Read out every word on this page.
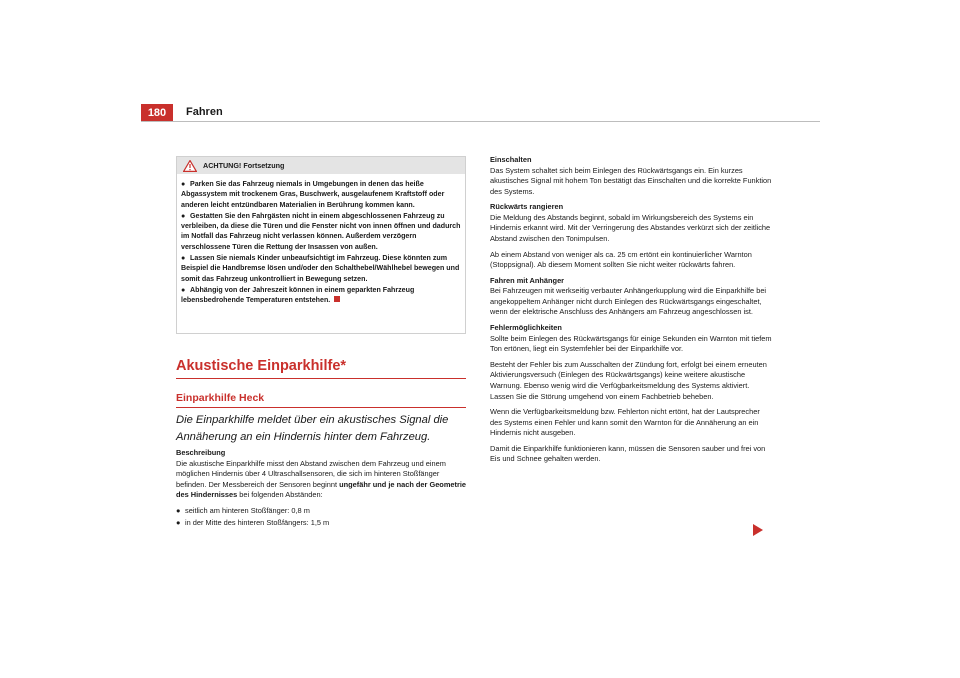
180	Fahren
ACHTUNG! Fortsetzung
● Parken Sie das Fahrzeug niemals in Umgebungen in denen das heiße Abgassystem mit trockenem Gras, Buschwerk, ausgelaufenem Kraftstoff oder anderen leicht entzündbaren Materialien in Berührung kommen kann.
● Gestatten Sie den Fahrgästen nicht in einem abgeschlossenen Fahrzeug zu verbleiben, da diese die Türen und die Fenster nicht von innen öffnen und dadurch im Notfall das Fahrzeug nicht verlassen können. Außerdem verzögern verschlossene Türen die Rettung der Insassen von außen.
● Lassen Sie niemals Kinder unbeaufsichtigt im Fahrzeug. Diese könnten zum Beispiel die Handbremse lösen und/oder den Schalthebel/Wählhebel bewegen und somit das Fahrzeug unkontrolliert in Bewegung setzen.
● Abhängig von der Jahreszeit können in einem geparkten Fahrzeug lebensbedrohende Temperaturen entstehen.
Akustische Einparkhilfe*
Einparkhilfe Heck
Die Einparkhilfe meldet über ein akustisches Signal die Annäherung an ein Hindernis hinter dem Fahrzeug.
Beschreibung

Die akustische Einparkhilfe misst den Abstand zwischen dem Fahrzeug und einem möglichen Hindernis über 4 Ultraschallsensoren, die sich im hinteren Stoßfänger befinden. Der Messbereich der Sensoren beginnt ungefähr und je nach der Geometrie des Hindernisses bei folgenden Abständen:

● seitlich am hinteren Stoßfänger: 0,8 m
● in der Mitte des hinteren Stoßfängers: 1,5 m
Einschalten

Das System schaltet sich beim Einlegen des Rückwärtsgangs ein. Ein kurzes akustisches Signal mit hohem Ton bestätigt das Einschalten und die korrekte Funktion des Systems.

Rückwärts rangieren

Die Meldung des Abstands beginnt, sobald im Wirkungsbereich des Systems ein Hindernis erkannt wird. Mit der Verringerung des Abstandes verkürzt sich der zeitliche Abstand zwischen den Tonimpulsen.

Ab einem Abstand von weniger als ca. 25 cm ertönt ein kontinuierlicher Warnton (Stoppsignal). Ab diesem Moment sollten Sie nicht weiter rückwärts fahren.

Fahren mit Anhänger

Bei Fahrzeugen mit werkseitig verbauter Anhängerkupplung wird die Einparkhilfe bei angekoppeltem Anhänger nicht durch Einlegen des Rückwärtsgangs eingeschaltet, wenn der elektrische Anschluss des Anhängers am Fahrzeug angeschlossen ist.

Fehlermöglichkeiten

Sollte beim Einlegen des Rückwärtsgangs für einige Sekunden ein Warnton mit tiefem Ton ertönen, liegt ein Systemfehler bei der Einparkhilfe vor.

Besteht der Fehler bis zum Ausschalten der Zündung fort, erfolgt bei einem erneuten Aktivierungsversuch (Einlegen des Rückwärtsgangs) keine weitere akustische Warnung. Ebenso wenig wird die Verfügbarkeitsmeldung des Systems aktiviert. Lassen Sie die Störung umgehend von einem Fachbetrieb beheben.

Wenn die Verfügbarkeitsmeldung bzw. Fehlerton nicht ertönt, hat der Lautsprecher des Systems einen Fehler und kann somit den Warnton für die Annäherung an ein Hindernis nicht ausgeben.

Damit die Einparkhilfe funktionieren kann, müssen die Sensoren sauber und frei von Eis und Schnee gehalten werden.
